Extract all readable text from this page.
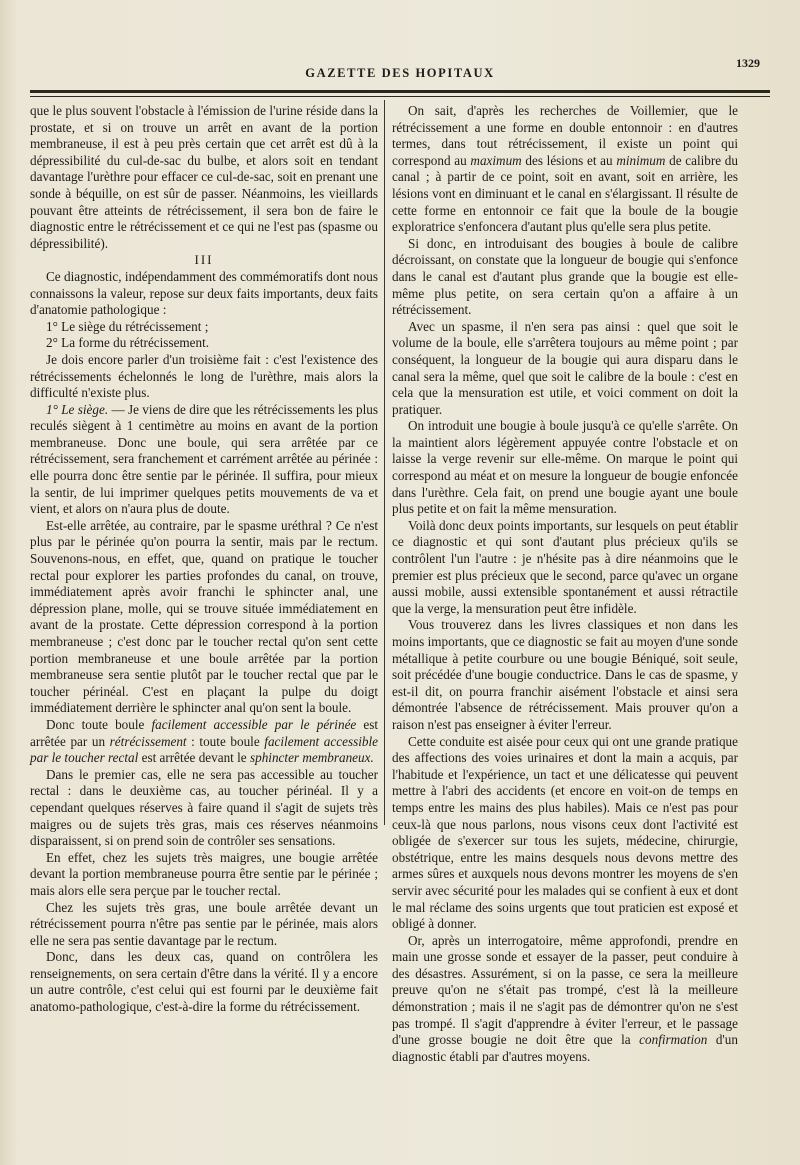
GAZETTE DES HOPITAUX
1329

que le plus souvent l'obstacle à l'émission de l'urine réside dans la prostate, et si on trouve un arrêt en avant de la portion membraneuse, il est à peu près certain que cet arrêt est dû à la dépressibilité du cul-de-sac du bulbe, et alors soit en tendant davantage l'urèthre pour effacer ce cul-de-sac, soit en prenant une sonde à béquille, on est sûr de passer. Néanmoins, les vieillards pouvant être atteints de rétrécissement, il sera bon de faire le diagnostic entre le rétrécissement et ce qui ne l'est pas (spasme ou dépressibilité).

III

Ce diagnostic, indépendamment des commémoratifs dont nous connaissons la valeur, repose sur deux faits importants, deux faits d'anatomie pathologique :

1° Le siège du rétrécissement ;

2° La forme du rétrécissement.

Je dois encore parler d'un troisième fait : c'est l'existence des rétrécissements échelonnés le long de l'urèthre, mais alors la difficulté n'existe plus.

1° Le siège. — Je viens de dire que les rétrécissements les plus reculés siègent à 1 centimètre au moins en avant de la portion membraneuse. Donc une boule, qui sera arrêtée par ce rétrécissement, sera franchement et carrément arrêtée au périnée : elle pourra donc être sentie par le périnée. Il suffira, pour mieux la sentir, de lui imprimer quelques petits mouvements de va et vient, et alors on n'aura plus de doute.

Est-elle arrêtée, au contraire, par le spasme uréthral ? Ce n'est plus par le périnée qu'on pourra la sentir, mais par le rectum. Souvenons-nous, en effet, que, quand on pratique le toucher rectal pour explorer les parties profondes du canal, on trouve, immédiatement après avoir franchi le sphincter anal, une dépression plane, molle, qui se trouve située immédiatement en avant de la prostate. Cette dépression correspond à la portion membraneuse ; c'est donc par le toucher rectal qu'on sent cette portion membraneuse et une boule arrêtée par la portion membraneuse sera sentie plutôt par le toucher rectal que par le toucher périnéal. C'est en plaçant la pulpe du doigt immédiatement derrière le sphincter anal qu'on sent la boule.

Donc toute boule facilement accessible par le périnée est arrêtée par un rétrécissement : toute boule facilement accessible par le toucher rectal est arrêtée devant le sphincter membraneux.

Dans le premier cas, elle ne sera pas accessible au toucher rectal : dans le deuxième cas, au toucher périnéal. Il y a cependant quelques réserves à faire quand il s'agit de sujets très maigres ou de sujets très gras, mais ces réserves néanmoins disparaissent, si on prend soin de contrôler ses sensations.

En effet, chez les sujets très maigres, une bougie arrêtée devant la portion membraneuse pourra être sentie par le périnée ; mais alors elle sera perçue par le toucher rectal.

Chez les sujets très gras, une boule arrêtée devant un rétrécissement pourra n'être pas sentie par le périnée, mais alors elle ne sera pas sentie davantage par le rectum.

Donc, dans les deux cas, quand on contrôlera les renseignements, on sera certain d'être dans la vérité. Il y a encore un autre contrôle, c'est celui qui est fourni par le deuxième fait anatomo-pathologique, c'est-à-dire la forme du rétrécissement.

On sait, d'après les recherches de Voillemier, que le rétrécissement a une forme en double entonnoir : en d'autres termes, dans tout rétrécissement, il existe un point qui correspond au maximum des lésions et au minimum de calibre du canal ; à partir de ce point, soit en avant, soit en arrière, les lésions vont en diminuant et le canal en s'élargissant. Il résulte de cette forme en entonnoir ce fait que la boule de la bougie exploratrice s'enfoncera d'autant plus qu'elle sera plus petite.

Si donc, en introduisant des bougies à boule de calibre décroissant, on constate que la longueur de bougie qui s'enfonce dans le canal est d'autant plus grande que la bougie est elle-même plus petite, on sera certain qu'on a affaire à un rétrécissement.

Avec un spasme, il n'en sera pas ainsi : quel que soit le volume de la boule, elle s'arrêtera toujours au même point ; par conséquent, la longueur de la bougie qui aura disparu dans le canal sera la même, quel que soit le calibre de la boule : c'est en cela que la mensuration est utile, et voici comment on doit la pratiquer.

On introduit une bougie à boule jusqu'à ce qu'elle s'arrête. On la maintient alors légèrement appuyée contre l'obstacle et on laisse la verge revenir sur elle-même. On marque le point qui correspond au méat et on mesure la longueur de bougie enfoncée dans l'urèthre. Cela fait, on prend une bougie ayant une boule plus petite et on fait la même mensuration.

Voilà donc deux points importants, sur lesquels on peut établir ce diagnostic et qui sont d'autant plus précieux qu'ils se contrôlent l'un l'autre : je n'hésite pas à dire néanmoins que le premier est plus précieux que le second, parce qu'avec un organe aussi mobile, aussi extensible spontanément et aussi rétractile que la verge, la mensuration peut être infidèle.

Vous trouverez dans les livres classiques et non dans les moins importants, que ce diagnostic se fait au moyen d'une sonde métallique à petite courbure ou une bougie Béniqué, soit seule, soit précédée d'une bougie conductrice. Dans le cas de spasme, y est-il dit, on pourra franchir aisément l'obstacle et ainsi sera démontrée l'absence de rétrécissement. Mais prouver qu'on a raison n'est pas enseigner à éviter l'erreur.

Cette conduite est aisée pour ceux qui ont une grande pratique des affections des voies urinaires et dont la main a acquis, par l'habitude et l'expérience, un tact et une délicatesse qui peuvent mettre à l'abri des accidents (et encore en voit-on de temps en temps entre les mains des plus habiles). Mais ce n'est pas pour ceux-là que nous parlons, nous visons ceux dont l'activité est obligée de s'exercer sur tous les sujets, médecine, chirurgie, obstétrique, entre les mains desquels nous devons mettre des armes sûres et auxquels nous devons montrer les moyens de s'en servir avec sécurité pour les malades qui se confient à eux et dont le mal réclame des soins urgents que tout praticien est exposé et obligé à donner.

Or, après un interrogatoire, même approfondi, prendre en main une grosse sonde et essayer de la passer, peut conduire à des désastres. Assurément, si on la passe, ce sera la meilleure preuve qu'on ne s'était pas trompé, c'est là la meilleure démonstration ; mais il ne s'agit pas de démontrer qu'on ne s'est pas trompé. Il s'agit d'apprendre à éviter l'erreur, et le passage d'une grosse bougie ne doit être que la confirmation d'un diagnostic établi par d'autres moyens.
